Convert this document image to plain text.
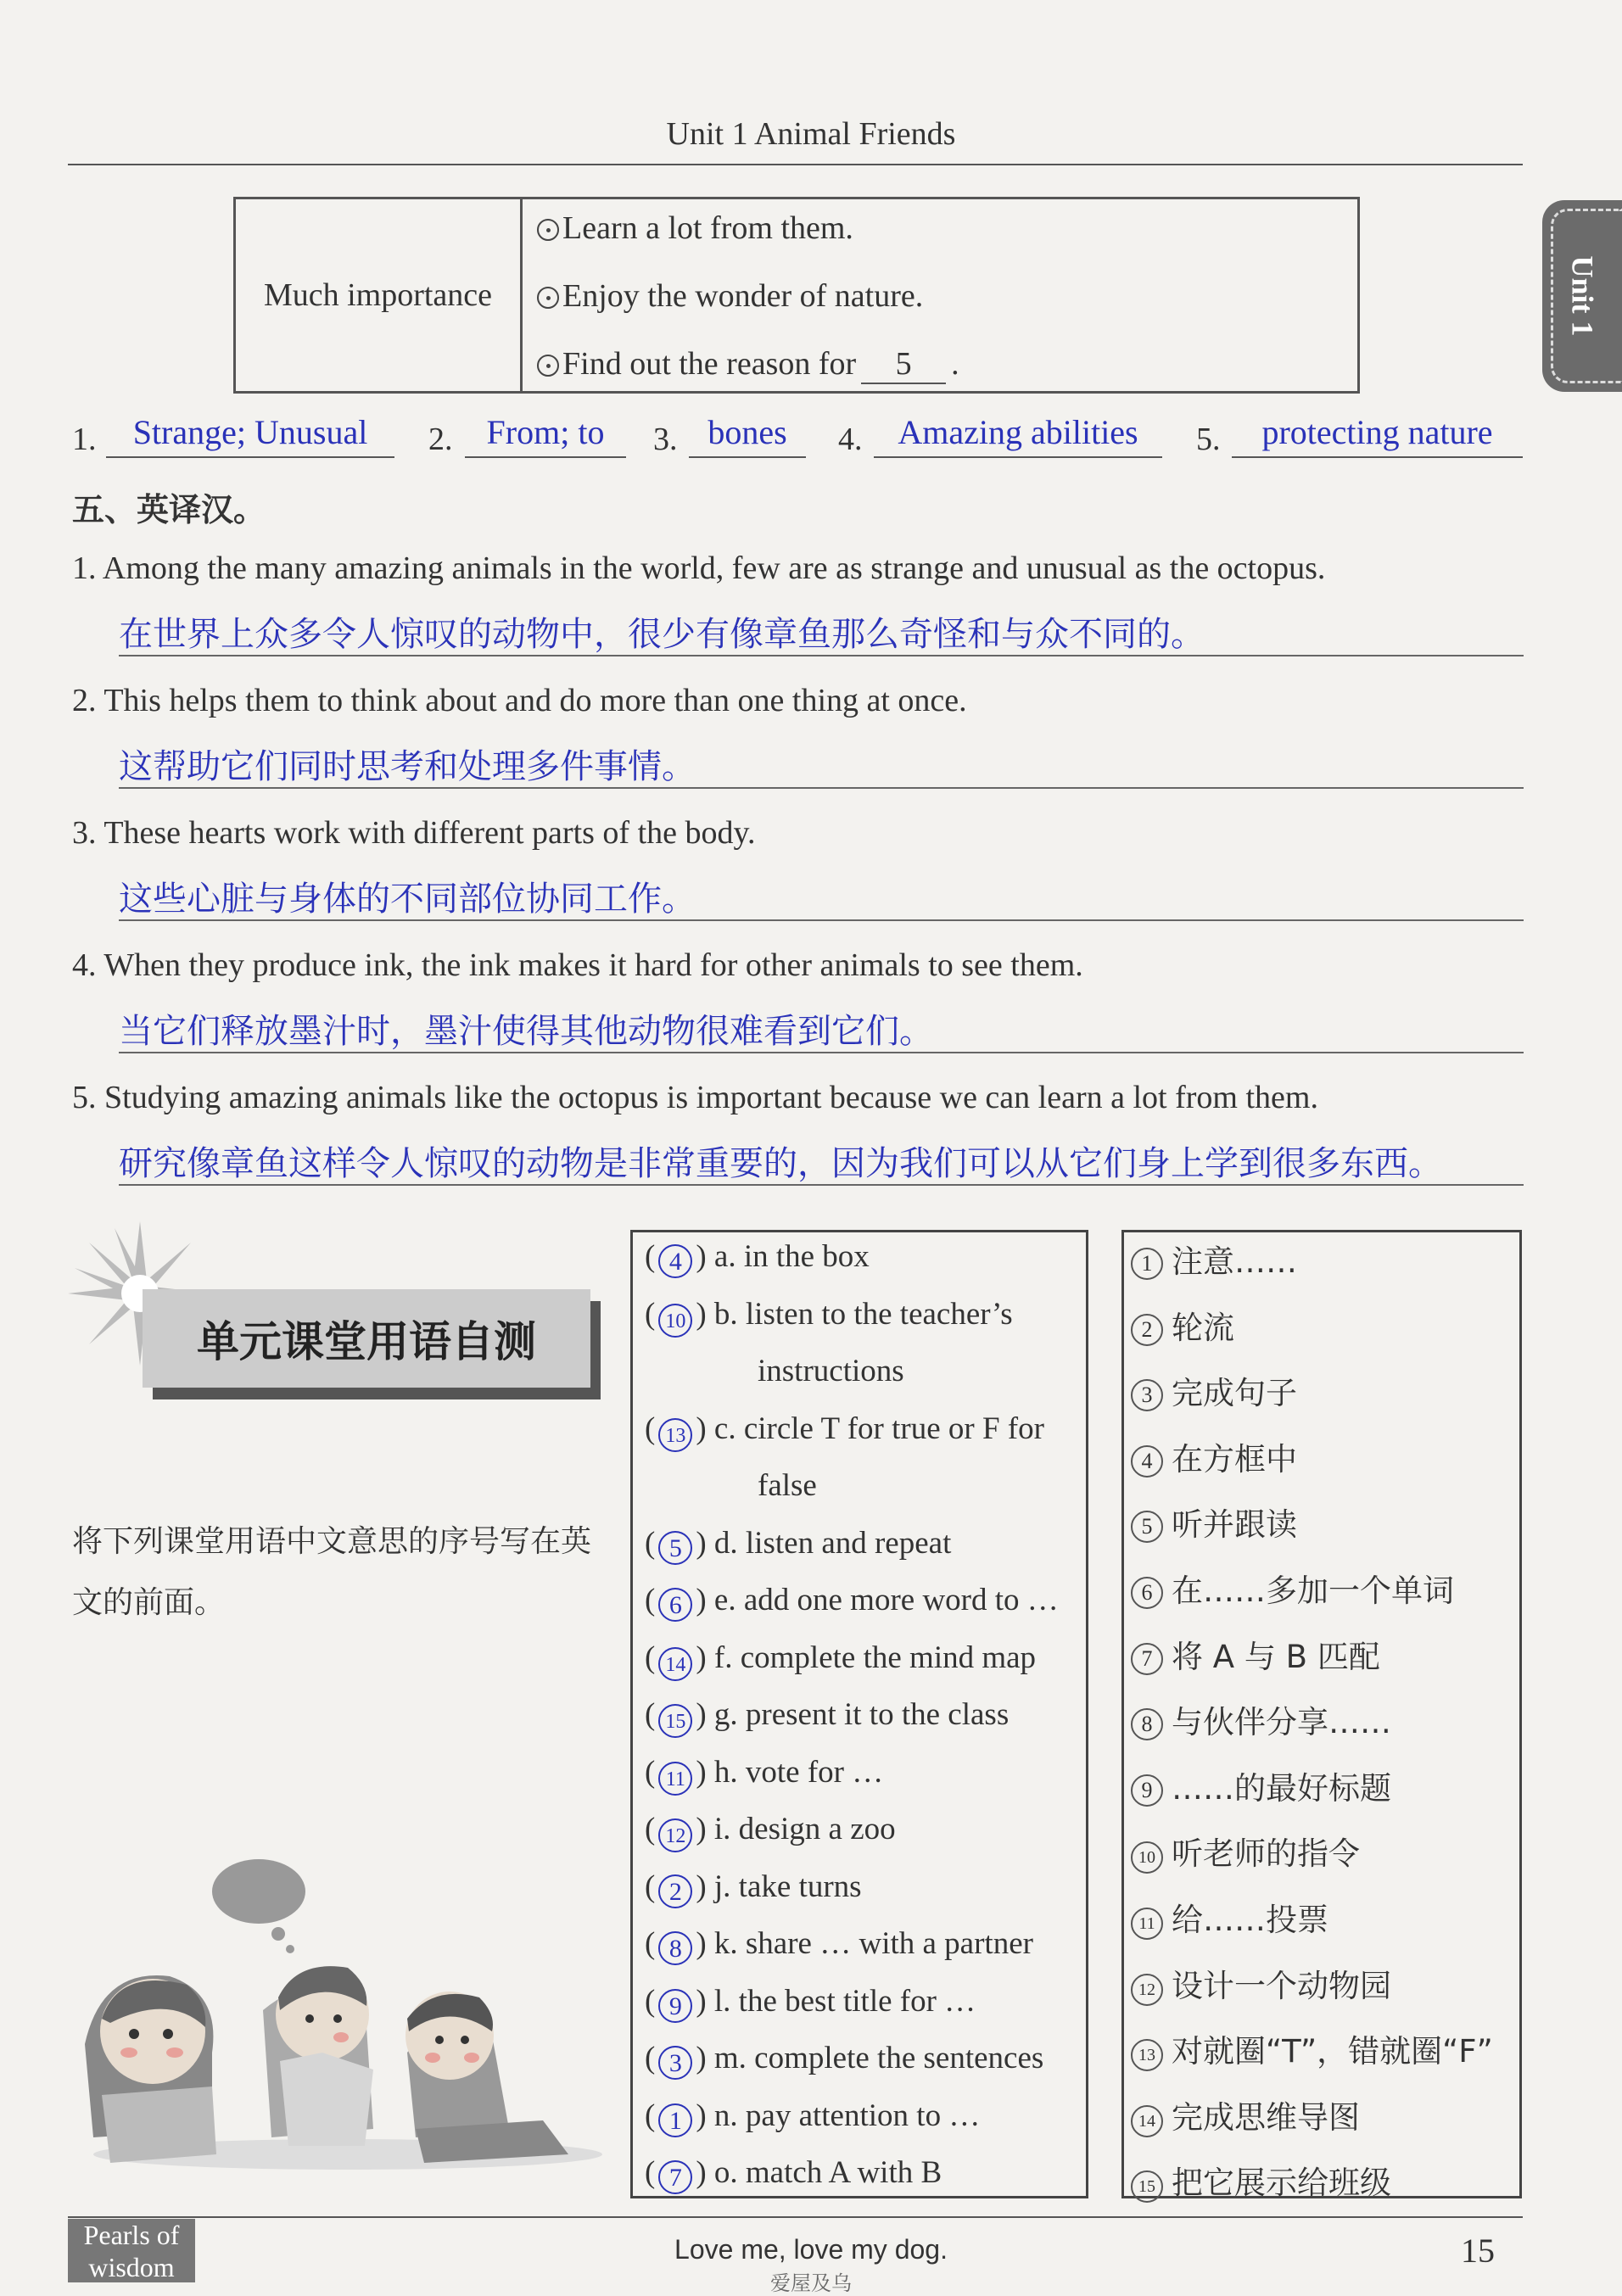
Unit 1 Animal Friends
Unit 1
Much importance
Learn a lot from them.
Enjoy the wonder of nature.
Find out the reason for 5 .
1.	Strange; Unusual	2.	From; to	3. bones	4.	Amazing abilities	5.	protecting nature
五、英译汉。
1. Among the many amazing animals in the world, few are as strange and unusual as the octopus.
在世界上众多令人惊叹的动物中，很少有像章鱼那么奇怪和与众不同的。
2. This helps them to think about and do more than one thing at once.
这帮助它们同时思考和处理多件事情。
3. These hearts work with different parts of the body.
这些心脏与身体的不同部位协同工作。
4. When they produce ink, the ink makes it hard for other animals to see them.
当它们释放墨汁时，墨汁使得其他动物很难看到它们。
5. Studying amazing animals like the octopus is important because we can learn a lot from them.
研究像章鱼这样令人惊叹的动物是非常重要的，因为我们可以从它们身上学到很多东西。
单元课堂用语自测
将下列课堂用语中文意思的序号写在英文的前面。
( 4 ) a. in the box
( 10 ) b. listen to the teacher’s
instructions
( 13 ) c. circle T for true or F for
false
( 5 ) d. listen and repeat
( 6 ) e. add one more word to …
( 14 ) f. complete the mind map
( 15 ) g. present it to the class
( 11 ) h. vote for …
( 12 ) i. design a zoo
( 2 ) j. take turns
( 8 ) k. share … with a partner
( 9 ) l. the best title for …
( 3 ) m. complete the sentences
( 1 ) n. pay attention to …
( 7 ) o. match A with B
1 注意……
2 轮流
3 完成句子
4 在方框中
5 听并跟读
6 在……多加一个单词
7 将 A 与 B 匹配
8 与伙伴分享……
9 ……的最好标题
10 听老师的指令
11 给……投票
12 设计一个动物园
13 对就圈“T”，错就圈“F”
14 完成思维导图
15 把它展示给班级
Pearls of wisdom
Love me, love my dog.
爱屋及乌
15
